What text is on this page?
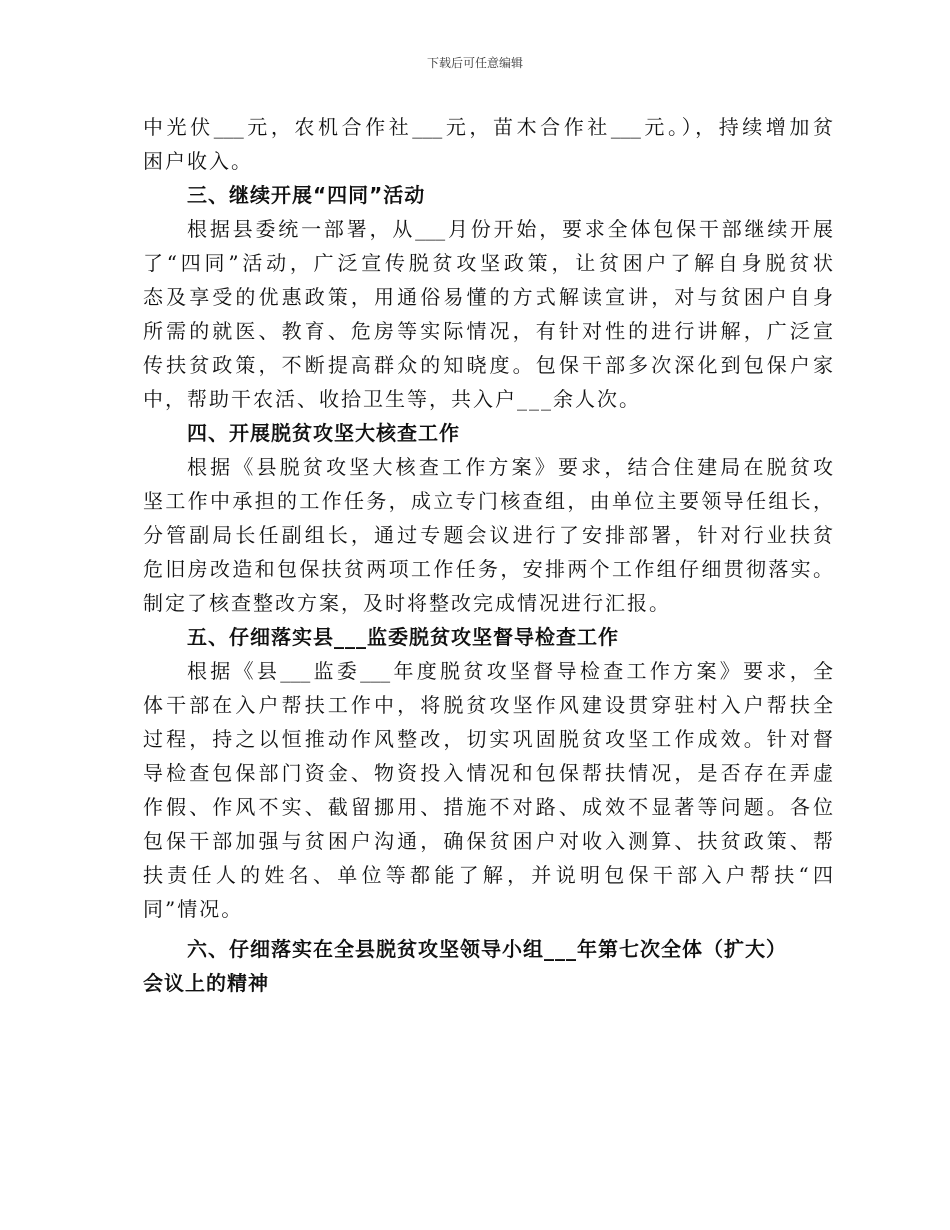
下载后可任意编辑
中光伏___元，农机合作社___元，苗木合作社___元。），持续增加贫
困户收入。
三、继续开展“四同”活动
根据县委统一部署，从___月份开始，要求全体包保干部继续开展
了“四同”活动，广泛宣传脱贫攻坚政策，让贫困户了解自身脱贫状
态及享受的优惠政策，用通俗易懂的方式解读宣讲，对与贫困户自身
所需的就医、教育、危房等实际情况，有针对性的进行讲解，广泛宣
传扶贫政策，不断提高群众的知晓度。包保干部多次深化到包保户家
中，帮助干农活、收拾卫生等，共入户___余人次。
四、开展脱贫攻坚大核查工作
根据《县脱贫攻坚大核查工作方案》要求，结合住建局在脱贫攻
坚工作中承担的工作任务，成立专门核查组，由单位主要领导任组长，
分管副局长任副组长，通过专题会议进行了安排部署，针对行业扶贫
危旧房改造和包保扶贫两项工作任务，安排两个工作组仔细贯彻落实。
制定了核查整改方案，及时将整改完成情况进行汇报。
五、仔细落实县___监委脱贫攻坚督导检查工作
根据《县___监委___年度脱贫攻坚督导检查工作方案》要求，全
体干部在入户帮扶工作中，将脱贫攻坚作风建设贯穿驻村入户帮扶全
过程，持之以恒推动作风整改，切实巩固脱贫攻坚工作成效。针对督
导检查包保部门资金、物资投入情况和包保帮扶情况，是否存在弄虚
作假、作风不实、截留挪用、措施不对路、成效不显著等问题。各位
包保干部加强与贫困户沟通，确保贫困户对收入测算、扶贫政策、帮
扶责任人的姓名、单位等都能了解，并说明包保干部入户帮扶“四
同”情况。
六、仔细落实在全县脱贫攻坚领导小组___年第七次全体（扩大）
会议上的精神
